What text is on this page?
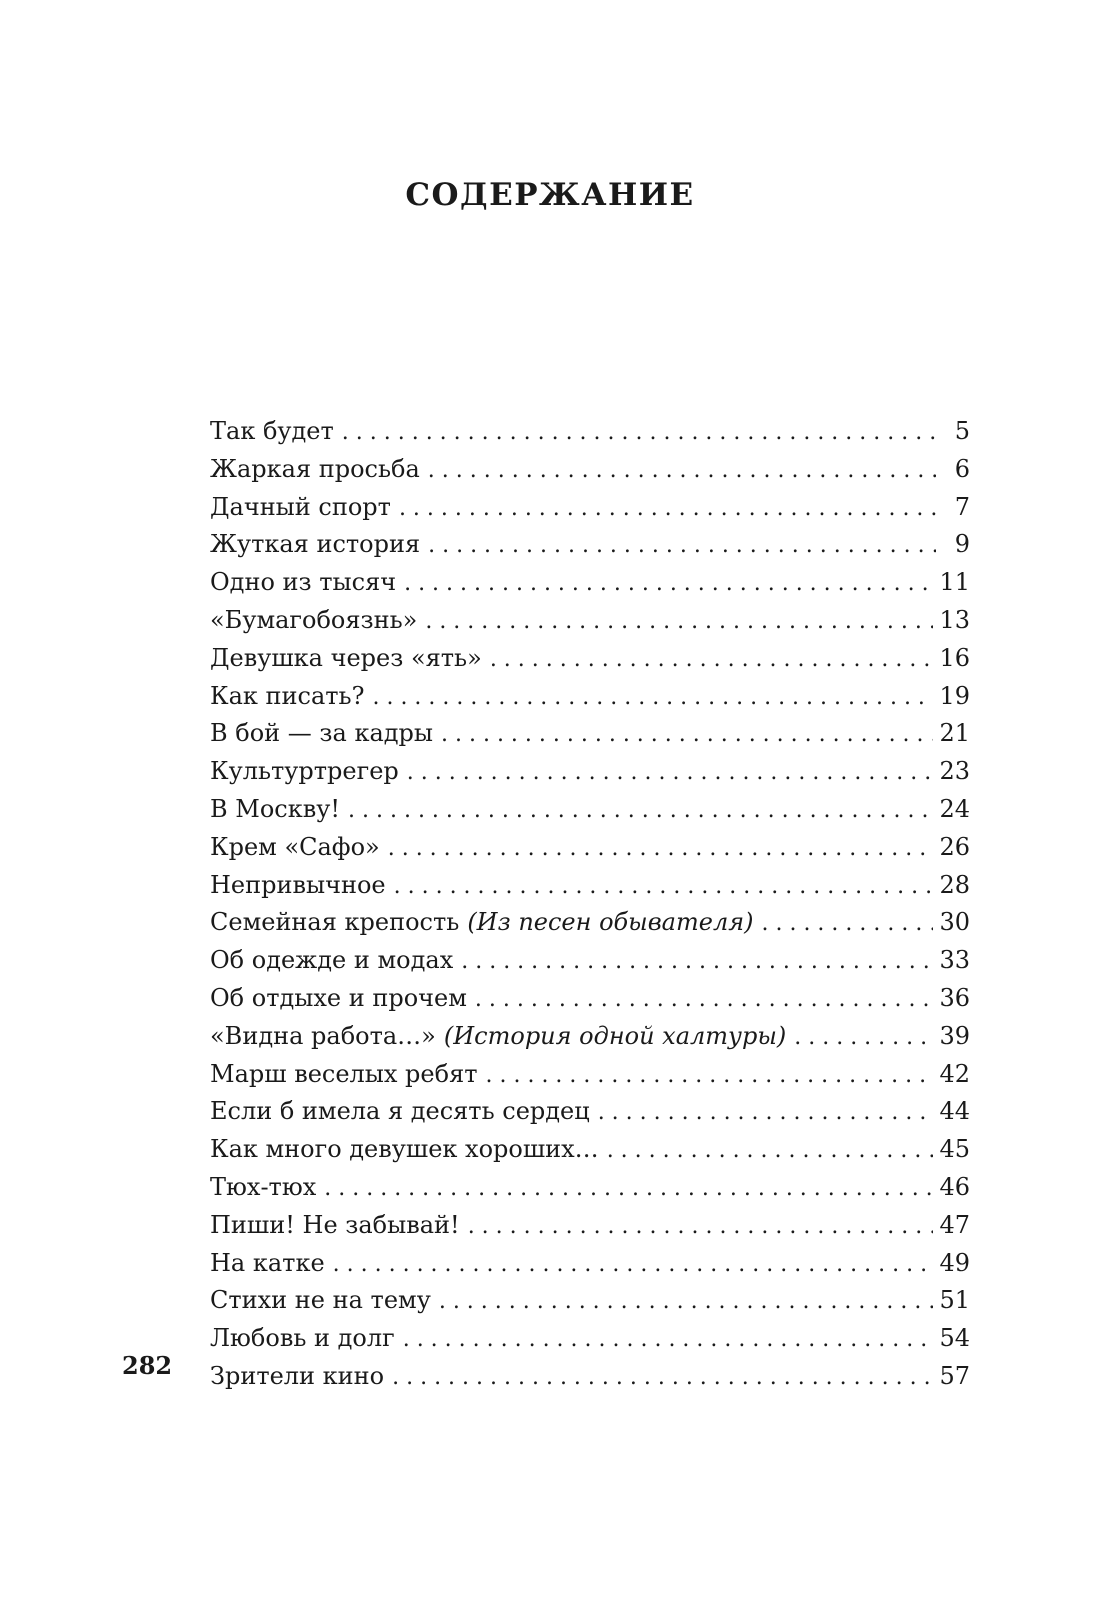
СОДЕРЖАНИЕ
Так будет . . .	5
Жаркая просьба . . .	6
Дачный спорт . . .	7
Жуткая история . . .	9
Одно из тысяч . . .	11
«Бумагобоязнь» . . .	13
Девушка через «ять» . . .	16
Как писать? . . .	19
В бой — за кадры . . .	21
Культуртрегер . . .	23
В Москву! . . .	24
Крем «Сафо» . . .	26
Непривычное . . .	28
Семейная крепость (Из песен обывателя) . . .	30
Об одежде и модах . . .	33
Об отдыхе и прочем . . .	36
«Видна работа…» (История одной халтуры) . . .	39
Марш веселых ребят . . .	42
Если б имела я десять сердец . . .	44
Как много девушек хороших… . . .	45
Тюх-тюх . . .	46
Пиши! Не забывай! . . .	47
На катке . . .	49
Стихи не на тему . . .	51
Любовь и долг . . .	54
Зрители кино . . .	57
282
